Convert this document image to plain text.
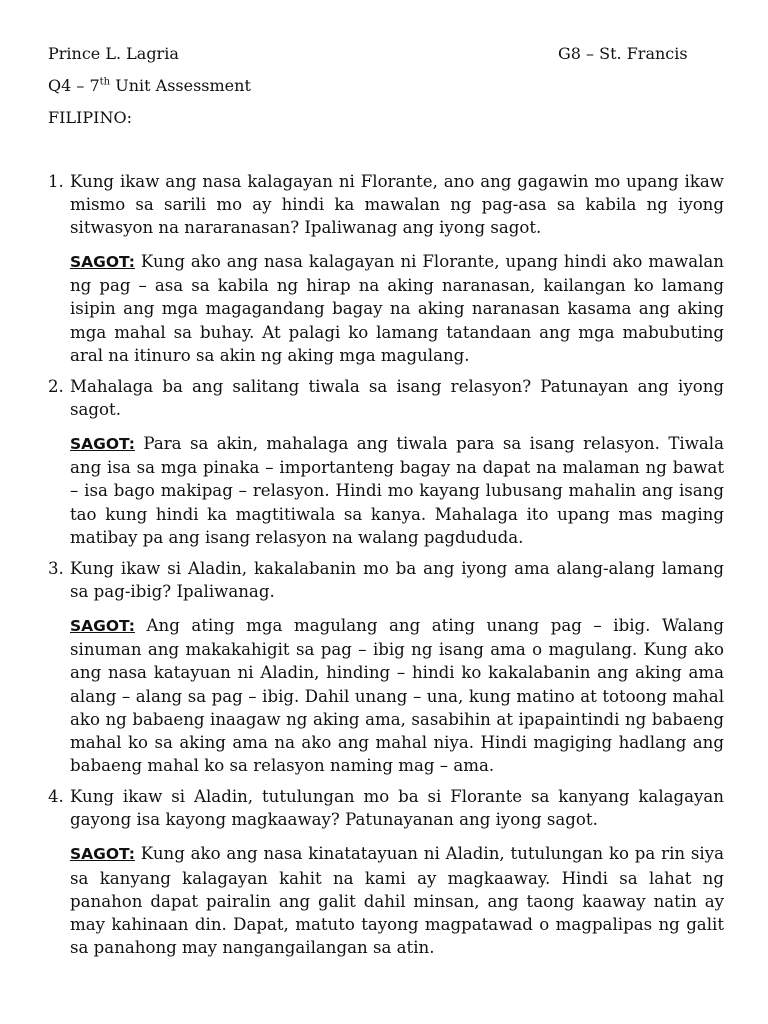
Prince L. Lagria	G8 – St. Francis
Q4 – 7th Unit Assessment
FILIPINO:
1. Kung ikaw ang nasa kalagayan ni Florante, ano ang gagawin mo upang ikaw mismo sa sarili mo ay hindi ka mawalan ng pag-asa sa kabila ng iyong sitwasyon na nararanasan? Ipaliwanag ang iyong sagot.
SAGOT: Kung ako ang nasa kalagayan ni Florante, upang hindi ako mawalan ng pag – asa sa kabila ng hirap na aking naranasan, kailangan ko lamang isipin ang mga magagandang bagay na aking naranasan kasama ang aking mga mahal sa buhay. At palagi ko lamang tatandaan ang mga mabubuting aral na itinuro sa akin ng aking mga magulang.
2. Mahalaga ba ang salitang tiwala sa isang relasyon? Patunayan ang iyong sagot.
SAGOT: Para sa akin, mahalaga ang tiwala para sa isang relasyon. Tiwala ang isa sa mga pinaka – importanteng bagay na dapat na malaman ng bawat – isa bago makipag – relasyon. Hindi mo kayang lubusang mahalin ang isang tao kung hindi ka magtitiwala sa kanya. Mahalaga ito upang mas maging matibay pa ang isang relasyon na walang pagdududa.
3. Kung ikaw si Aladin, kakalabanin mo ba ang iyong ama alang-alang lamang sa pag-ibig? Ipaliwanag.
SAGOT: Ang ating mga magulang ang ating unang pag – ibig. Walang sinuman ang makakahigit sa pag – ibig ng isang ama o magulang. Kung ako ang nasa katayuan ni Aladin, hinding – hindi ko kakalabanin ang aking ama alang – alang sa pag – ibig. Dahil unang – una, kung matino at totoong mahal ako ng babaeng inaagaw ng aking ama, sasabihin at ipapaintindi ng babaeng mahal ko sa aking ama na ako ang mahal niya. Hindi magiging hadlang ang babaeng mahal ko sa relasyon naming mag – ama.
4. Kung ikaw si Aladin, tutulungan mo ba si Florante sa kanyang kalagayan gayong isa kayong magkaaway? Patunayanan ang iyong sagot.
SAGOT: Kung ako ang nasa kinatatayuan ni Aladin, tutulungan ko pa rin siya sa kanyang kalagayan kahit na kami ay magkaaway. Hindi sa lahat ng panahon dapat pairalin ang galit dahil minsan, ang taong kaaway natin ay may kahinaan din. Dapat, matuto tayong magpatawad o magpalipas ng galit sa panahong may nangangailangan sa atin.
